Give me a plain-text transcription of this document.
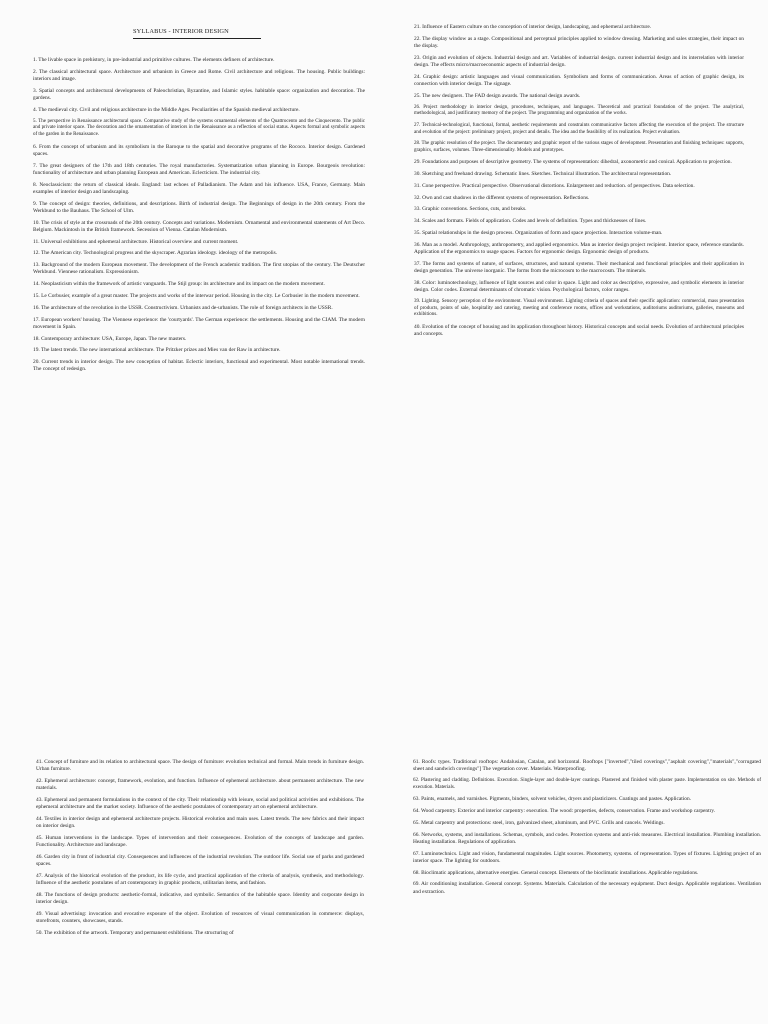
SYLLABUS - INTERIOR DESIGN

1. The livable space in prehistory, in pre-industrial and primitive cultures. The elements definers of architecture.

2. The classical architectural space. Architecture and urbanism in Greece and Rome. Civil architecture and religious. The housing. Public buildings: interiors and image.

3. Spatial concepts and architectural developments of Paleochristian, Byzantine, and Islamic styles. habitable space: organization and decoration. The gardens.

4. The medieval city. Civil and religious architecture in the Middle Ages. Peculiarities of the Spanish medieval architecture.

5. The perspective in Renaissance architectural space. Comparative study of the systems ornamental elements of the Quattrocento and the Cinquecento. The public and private interior space. The decoration and the ornamentation of interiors in the Renaissance as a reflection of social status. Aspects formal and symbolic aspects of the garden in the Renaissance.

6. From the concept of urbanism and its symbolism in the Baroque to the spatial and decorative programs of the Rococo. Interior design. Gardened spaces.

7. The great designers of the 17th and 18th centuries. The royal manufactories. Systematization urban planning in Europe. Bourgeois revolution: functionality of architecture and urban planning European and American. Eclecticism. The industrial city.

8. Neoclassicism: the return of classical ideals. England: last echoes of Palladianism. The Adam and his influence. USA, France, Germany. Main examples of interior design and landscaping.

9. The concept of design: theories, definitions, and descriptions. Birth of industrial design. The Beginnings of design in the 20th century. From the Werkbund to the Bauhaus. The School of Ulm.

10. The crisis of style at the crossroads of the 20th century. Concepts and variations. Modernism. Ornamental and environmental statements of Art Deco. Belgium. Mackintosh in the British framework. Secession of Vienna. Catalan Modernism.

11. Universal exhibitions and ephemeral architecture. Historical overview and current moment.

12. The American city. Technological progress and the skyscraper. Agrarian ideology. ideology of the metropolis.

13. Background of the modern European movement. The development of the French academic tradition. The first utopias of the century. The Deutscher Werkbund. Viennese rationalism. Expressionism.

14. Neoplasticism within the framework of artistic vanguards. The Stijl group: its architecture and its impact on the modern movement.

15. Le Corbusier, example of a great master. The projects and works of the interwar period. Housing in the city. Le Corbusier in the modern movement.

16. The architecture of the revolution in the USSR. Constructivism. Urbanists and de-urbanists. The role of foreign architects in the USSR.

17. European workers' housing. The Viennese experience: the 'courtyards'. The German experience: the settlements. Housing and the CIAM. The modern movement in Spain.

18. Contemporary architecture: USA, Europe, Japan. The new masters.

19. The latest trends. The new international architecture. The Pritzker prizes and Mies van der Raw in architecture.

20. Current trends in interior design. The new conception of habitat. Eclectic interiors, functional and experimental. Most notable international trends. The concept of redesign.

21. Influence of Eastern culture on the conception of interior design, landscaping, and ephemeral architecture.

22. The display window as a stage. Compositional and perceptual principles applied to window dressing. Marketing and sales strategies, their impact on the display.

23. Origin and evolution of objects. Industrial design and art. Variables of industrial design. current industrial design and its interrelation with interior design. The effects micro/macroeconomic aspects of industrial design.

24. Graphic design: artistic languages and visual communication. Symbolism and forms of communication. Areas of action of graphic design, its connection with interior design. The signage.

25. The new designers. The FAD design awards. The national design awards.

26. Project methodology in interior design, procedures, techniques, and languages. Theoretical and practical foundation of the project. The analytical, methodological, and justificatory memory of the project. The programming and organization of the works.

27. Technical-technological, functional, formal, aesthetic requirements and constraints communicative factors affecting the execution of the project. The structure and evolution of the project: preliminary project, project and details. The idea and the feasibility of its realization. Project evaluation.

28. The graphic resolution of the project. The documentary and graphic report of the various stages of development. Presentation and finishing techniques: supports, graphics, surfaces, volumes. Three-dimensionality. Models and prototypes.

29. Foundations and purposes of descriptive geometry. The systems of representation: dihedral, axonometric and conical. Application to projection.

30. Sketching and freehand drawing. Schematic lines. Sketches. Technical illustration. The architectural representation.

31. Cone perspective. Practical perspective. Observational distortions. Enlargement and reduction. of perspectives. Data selection.

32. Own and cast shadows in the different systems of representation. Reflections.

33. Graphic conventions. Sections, cuts, and breaks.

34. Scales and formats. Fields of application. Codes and levels of definition. Types and thicknesses of lines.

35. Spatial relationships in the design process. Organization of form and space projection. Interaction volume-man.

36. Man as a model. Anthropology, anthropometry, and applied ergonomics. Man as interior design project recipient. Interior space, reference standards. Application of the ergonomics to usage spaces. Factors for ergonomic design. Ergonomic design of products.

37. The forms and systems of nature, of surfaces, structures, and natural systems. Their mechanical and functional principles and their application in design generation. The universe inorganic. The forms from the microcosm to the macrocosm. The minerals.

38. Color: luminotechnology, influence of light sources and color in space. Light and color as descriptive, expressive, and symbolic elements in interior design. Color codes. External determinants of chromatic vision. Psychological factors, color ranges.

39. Lighting. Sensory perception of the environment. Visual environment. Lighting criteria of spaces and their specific application: commercial, mass presentation of products, points of sale, hospitality and catering, meeting and conference rooms, offices and workstations, auditoriums auditoriums, galleries, museums and exhibitions.

40. Evolution of the concept of housing and its application throughout history. Historical concepts and social needs. Evolution of architectural principles and concepts.

41. Concept of furniture and its relation to architectural space. The design of furniture: evolution technical and formal. Main trends in furniture design. Urban furniture.

42. Ephemeral architecture: concept, framework, evolution, and function. Influence of ephemeral architecture. about permanent architecture. The new materials.

43. Ephemeral and permanent formulations in the context of the city. Their relationship with leisure, social and political activities and exhibitions. The ephemeral architecture and the market society. Influence of the aesthetic postulates of contemporary art on ephemeral architecture.

44. Textiles in interior design and ephemeral architecture projects. Historical evolution and main uses. Latest trends. The new fabrics and their impact on interior design.

45. Human interventions in the landscape. Types of intervention and their consequences. Evolution of the concepts of landscape and garden. Functionality. Architecture and landscape.

46. Garden city in front of industrial city. Consequences and influences of the industrial revolution. The outdoor life. Social use of parks and gardened spaces.

47. Analysis of the historical evolution of the product, its life cycle, and practical application of the criteria of analysis, synthesis, and methodology. Influence of the aesthetic postulates of art contemporary in graphic products, utilitarian items, and fashion.

48. The functions of design products: aesthetic-formal, indicative, and symbolic. Semantics of the habitable space. Identity and corporate design in interior design.

49. Visual advertising: invocation and evocative exposure of the object. Evolution of resources of visual communication in commerce: displays, storefronts, counters, showcases, stands.

50. The exhibition of the artwork. Temporary and permanent exhibitions. The structuring of

61. Roofs: types. Traditional rooftops: Andalusian, Catalan, and horizontal. Rooftops ["inverted","tiled coverings","asphalt covering","materials","corrugated sheet and sandwich coverings"] The vegetation cover. Materials. Waterproofing.

62. Plastering and cladding. Definitions. Execution. Single-layer and double-layer coatings. Plastered and finished with plaster paste. Implementation on site. Methods of execution. Materials.

63. Paints, enamels, and varnishes. Pigments, binders, solvent vehicles, dryers and plasticizers. Coatings and pastes. Application.

64. Wood carpentry. Exterior and interior carpentry: execution. The wood: properties, defects, conservation. Frame and workshop carpentry.

65. Metal carpentry and protections: steel, iron, galvanized sheet, aluminum, and PVC. Grills and cancels. Weldings.

66. Networks, systems, and installations. Schemas, symbols, and codes. Protection systems and anti-risk measures. Electrical installation. Plumbing installation. Heating installation. Regulations of application.

67. Luminotechnics. Light and vision, fundamental magnitudes. Light sources. Photometry, systems. of representation. Types of fixtures. Lighting project of an interior space. The lighting for outdoors.

68. Bioclimatic applications, alternative energies. General concept. Elements of the bioclimatic installations. Applicable regulations.

69. Air conditioning installation. General concept. Systems. Materials. Calculation of the necessary equipment. Duct design. Applicable regulations. Ventilation and extraction.
